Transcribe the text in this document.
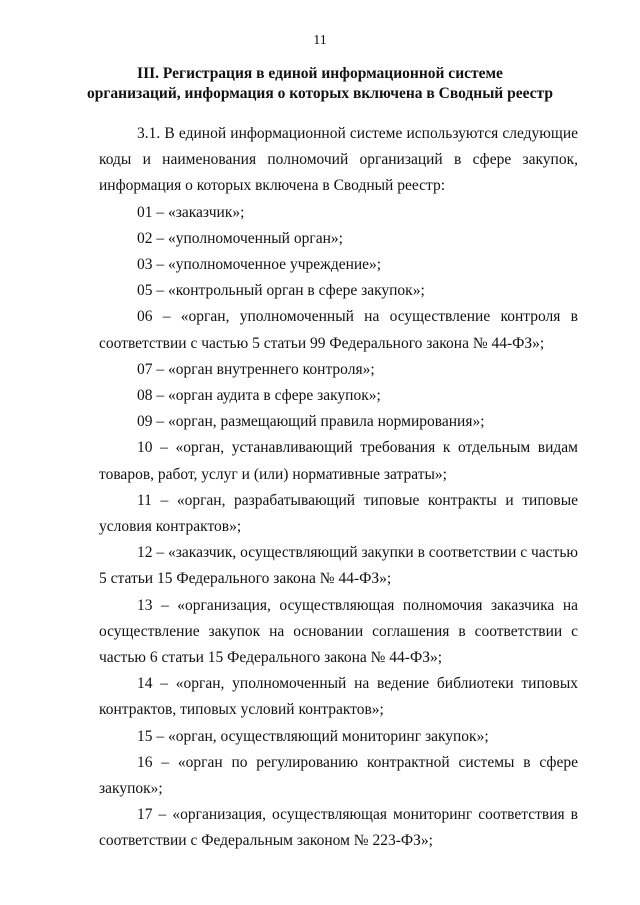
11
III. Регистрация в единой информационной системе
организаций, информация о которых включена в Сводный реестр

3.1. В единой информационной системе используются следующие коды и наименования полномочий организаций в сфере закупок, информация о которых включена в Сводный реестр:

01 – «заказчик»;

02 – «уполномоченный орган»;

03 – «уполномоченное учреждение»;

05 – «контрольный орган в сфере закупок»;

06 – «орган, уполномоченный на осуществление контроля в соответствии с частью 5 статьи 99 Федерального закона № 44-ФЗ»;

07 – «орган внутреннего контроля»;

08 – «орган аудита в сфере закупок»;

09 – «орган, размещающий правила нормирования»;

10 – «орган, устанавливающий требования к отдельным видам товаров, работ, услуг и (или) нормативные затраты»;

11 – «орган, разрабатывающий типовые контракты и типовые условия контрактов»;

12 – «заказчик, осуществляющий закупки в соответствии с частью 5 статьи 15 Федерального закона № 44-ФЗ»;

13 – «организация, осуществляющая полномочия заказчика на осуществление закупок на основании соглашения в соответствии с частью 6 статьи 15 Федерального закона № 44-ФЗ»;

14 – «орган, уполномоченный на ведение библиотеки типовых контрактов, типовых условий контрактов»;

15 – «орган, осуществляющий мониторинг закупок»;

16 – «орган по регулированию контрактной системы в сфере закупок»;

17 – «организация, осуществляющая мониторинг соответствия в соответствии с Федеральным законом № 223-ФЗ»;
